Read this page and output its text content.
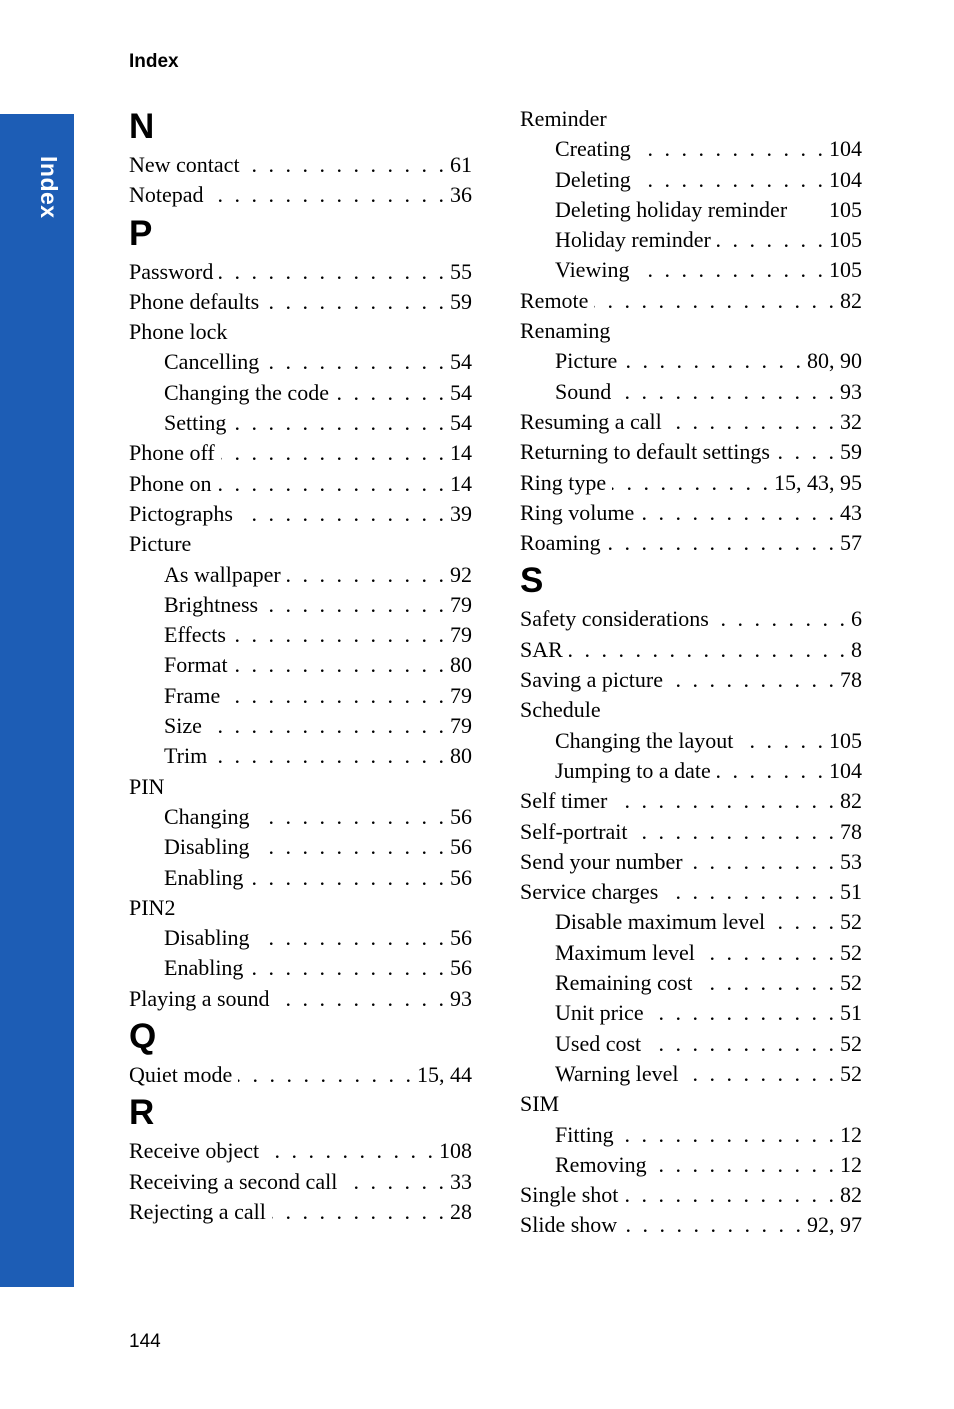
Index
Index
N
New contact . . .	61
Notepad . . .	36
P
Password . . .	55
Phone defaults . . .	59
Phone lock
Cancelling . . .	54
Changing the code . . .	54
Setting . . .	54
Phone off . . .	14
Phone on . . .	14
Pictographs . . .	39
Picture
As wallpaper . . .	92
Brightness . . .	79
Effects . . .	79
Format . . .	80
Frame . . .	79
Size . . .	79
Trim . . .	80
PIN
Changing . . .	56
Disabling . . .	56
Enabling . . .	56
PIN2
Disabling . . .	56
Enabling . . .	56
Playing a sound . . .	93
Q
Quiet mode . . .	15, 44
R
Receive object . . .	108
Receiving a second call . . .	33
Rejecting a call . . .	28
Reminder
Creating . . .	104
Deleting . . .	104
Deleting holiday reminder 105
Holiday reminder . . .	105
Viewing . . .	105
Remote . . .	82
Renaming
Picture . . .	80, 90
Sound . . .	93
Resuming a call . . .	32
Returning to default settings . . .	59
Ring type . . .	15, 43, 95
Ring volume . . .	43
Roaming . . .	57
S
Safety considerations . . .	6
SAR . . .	8
Saving a picture . . .	78
Schedule
Changing the layout . . .	105
Jumping to a date . . .	104
Self timer . . .	82
Self-portrait . . .	78
Send your number . . .	53
Service charges . . .	51
Disable maximum level . . .	52
Maximum level . . .	52
Remaining cost . . .	52
Unit price . . .	51
Used cost . . .	52
Warning level . . .	52
SIM
Fitting . . .	12
Removing . . .	12
Single shot . . .	82
Slide show . . .	92, 97
144
